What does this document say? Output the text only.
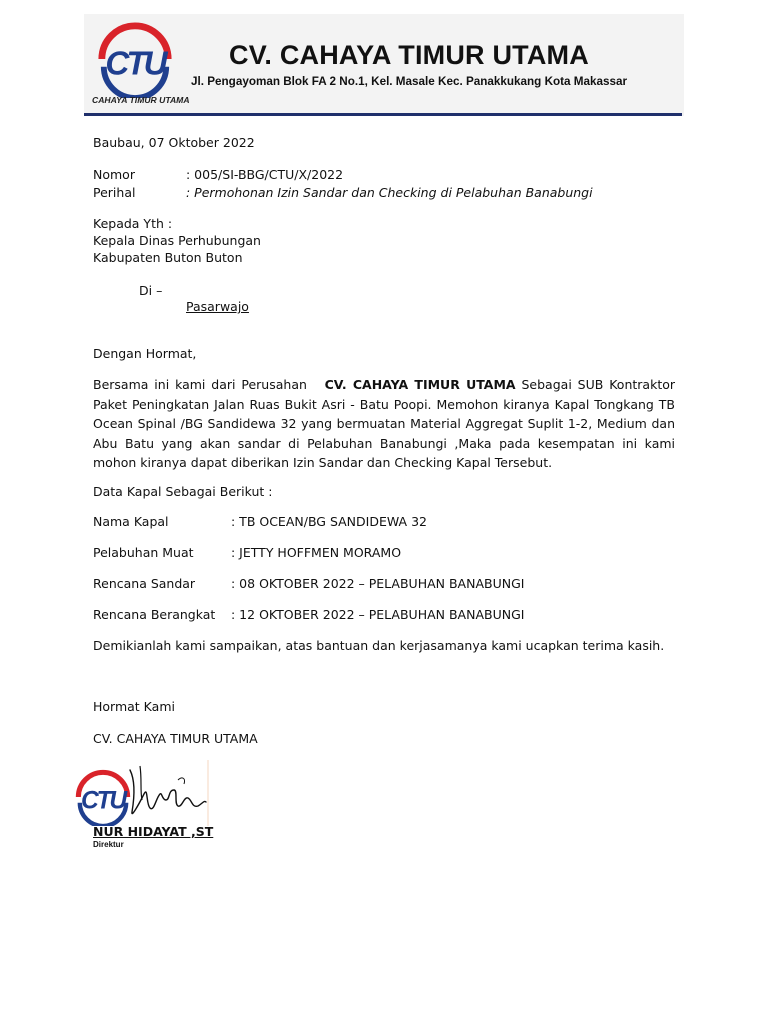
CTU
CAHAYA TIMUR UTAMA
CV. CAHAYA TIMUR UTAMA
Jl. Pengayoman Blok FA 2 No.1, Kel. Masale Kec. Panakkukang Kota Makassar
Baubau, 07 Oktober 2022
Nomor	: 005/SI-BBG/CTU/X/2022
Perihal	: Permohonan Izin Sandar dan Checking di Pelabuhan Banabungi
Kepada Yth :
Kepala Dinas Perhubungan
Kabupaten Buton Buton
Di –
Pasarwajo
Dengan Hormat,

Bersama ini kami dari Perusahan CV. CAHAYA TIMUR UTAMA Sebagai SUB Kontraktor Paket Peningkatan Jalan Ruas Bukit Asri - Batu Poopi. Memohon kiranya Kapal Tongkang TB Ocean Spinal /BG Sandidewa 32 yang bermuatan Material Aggregat Suplit 1-2, Medium dan Abu Batu yang akan sandar di Pelabuhan Banabungi ,Maka pada kesempatan ini kami mohon kiranya dapat diberikan Izin Sandar dan Checking Kapal Tersebut.

Data Kapal Sebagai Berikut :
Nama Kapal	: TB OCEAN/BG SANDIDEWA 32
Pelabuhan Muat	: JETTY HOFFMEN MORAMO
Rencana Sandar	: 08 OKTOBER 2022 – PELABUHAN BANABUNGI
Rencana Berangkat : 12 OKTOBER 2022 – PELABUHAN BANABUNGI
Demikianlah kami sampaikan, atas bantuan dan kerjasamanya kami ucapkan terima kasih.
Hormat Kami
CV. CAHAYA TIMUR UTAMA
CTU
NUR HIDAYAT ,ST
Direktur
